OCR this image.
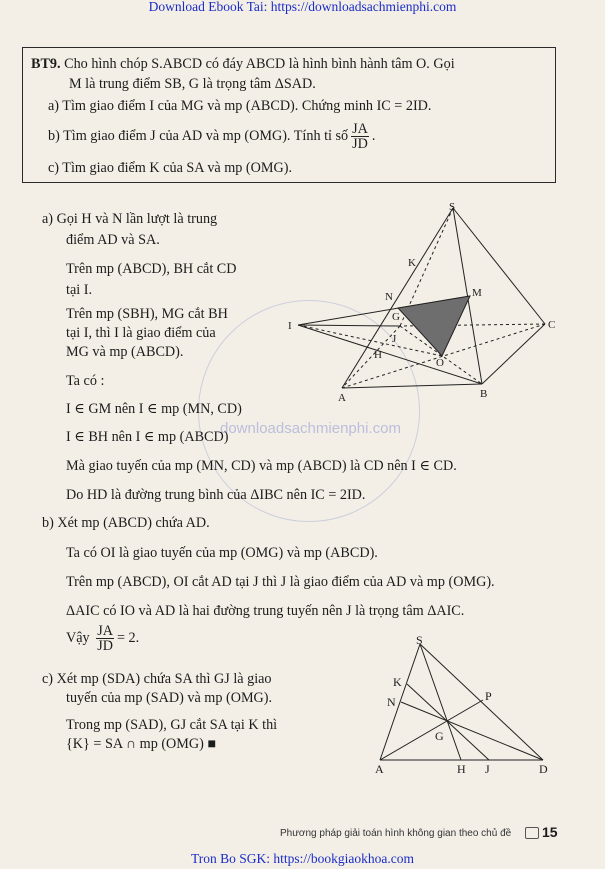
Download Ebook Tai: https://downloadsachmienphi.com
BT9. Cho hình chóp S.ABCD có đáy ABCD là hình bình hành tâm O. Gọi
M là trung điểm SB, G là trọng tâm ΔSAD.
a) Tìm giao điểm I của MG và mp (ABCD). Chứng minh IC = 2ID.
b) Tìm giao điểm J của AD và mp (OMG). Tính tỉ số $\frac{JA}{JD}$ .
c) Tìm giao điểm K của SA và mp (OMG).
downloadsachmienphi.com
a) Gọi H và N lần lượt là trung
điểm AD và SA.
Trên mp (ABCD), BH cắt CD
tại I.
Trên mp (SBH), MG cắt BH
tại I, thì I là giao điểm của
MG và mp (ABCD).
Ta có :
I ∈ GM nên I ∈ mp (MN, CD)
I ∈ BH nên I ∈ mp (ABCD)
Mà giao tuyến của mp (MN, CD) và mp (ABCD) là CD nên I ∈ CD.
Do HD là đường trung bình của ΔIBC nên IC = 2ID.
b) Xét mp (ABCD) chứa AD.
Ta có OI là giao tuyến của mp (OMG) và mp (ABCD).
Trên mp (ABCD), OI cắt AD tại J thì J là giao điểm của AD và mp (OMG).
ΔAIC có IO và AD là hai đường trung tuyến nên J là trọng tâm ΔAIC.
Vậy $\frac{JA}{JD} = 2$.
c) Xét mp (SDA) chứa SA thì GJ là giao
tuyến của mp (SAD) và mp (OMG).
Trong mp (SAD), GJ cắt SA tại K thì
{K} = SA ∩ mp (OMG) ■
S
K
N	M
G
J
I
H
O
C
A	B
S
K
N	P
G
A	H J	D
Phương pháp giải toán hình không gian theo chủ đề 15
Tron Bo SGK: https://bookgiaokhoa.com
